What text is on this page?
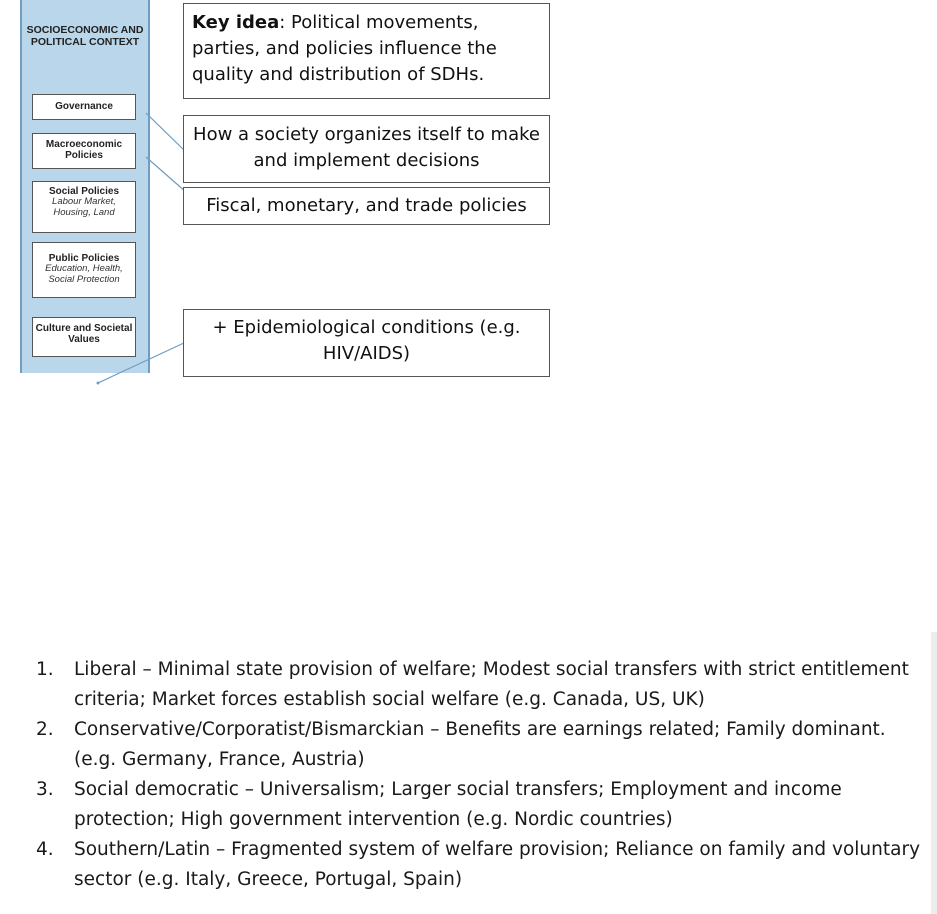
SOCIOECONOMIC AND POLITICAL CONTEXT
Governance
Macroeconomic Policies
Social Policies
Labour Market, Housing, Land
Public Policies
Education, Health, Social Protection
Culture and Societal Values
Key idea: Political movements, parties, and policies influence the quality and distribution of SDHs.
How a society organizes itself to make and implement decisions
Fiscal, monetary, and trade policies
+ Epidemiological conditions (e.g. HIV/AIDS)
1. Liberal – Minimal state provision of welfare; Modest social transfers with strict entitlement criteria; Market forces establish social welfare (e.g. Canada, US, UK)
2. Conservative/Corporatist/Bismarckian – Benefits are earnings related; Family dominant. (e.g. Germany, France, Austria)
3. Social democratic – Universalism; Larger social transfers; Employment and income protection; High government intervention (e.g. Nordic countries)
4. Southern/Latin – Fragmented system of welfare provision; Reliance on family and voluntary sector (e.g. Italy, Greece, Portugal, Spain)
